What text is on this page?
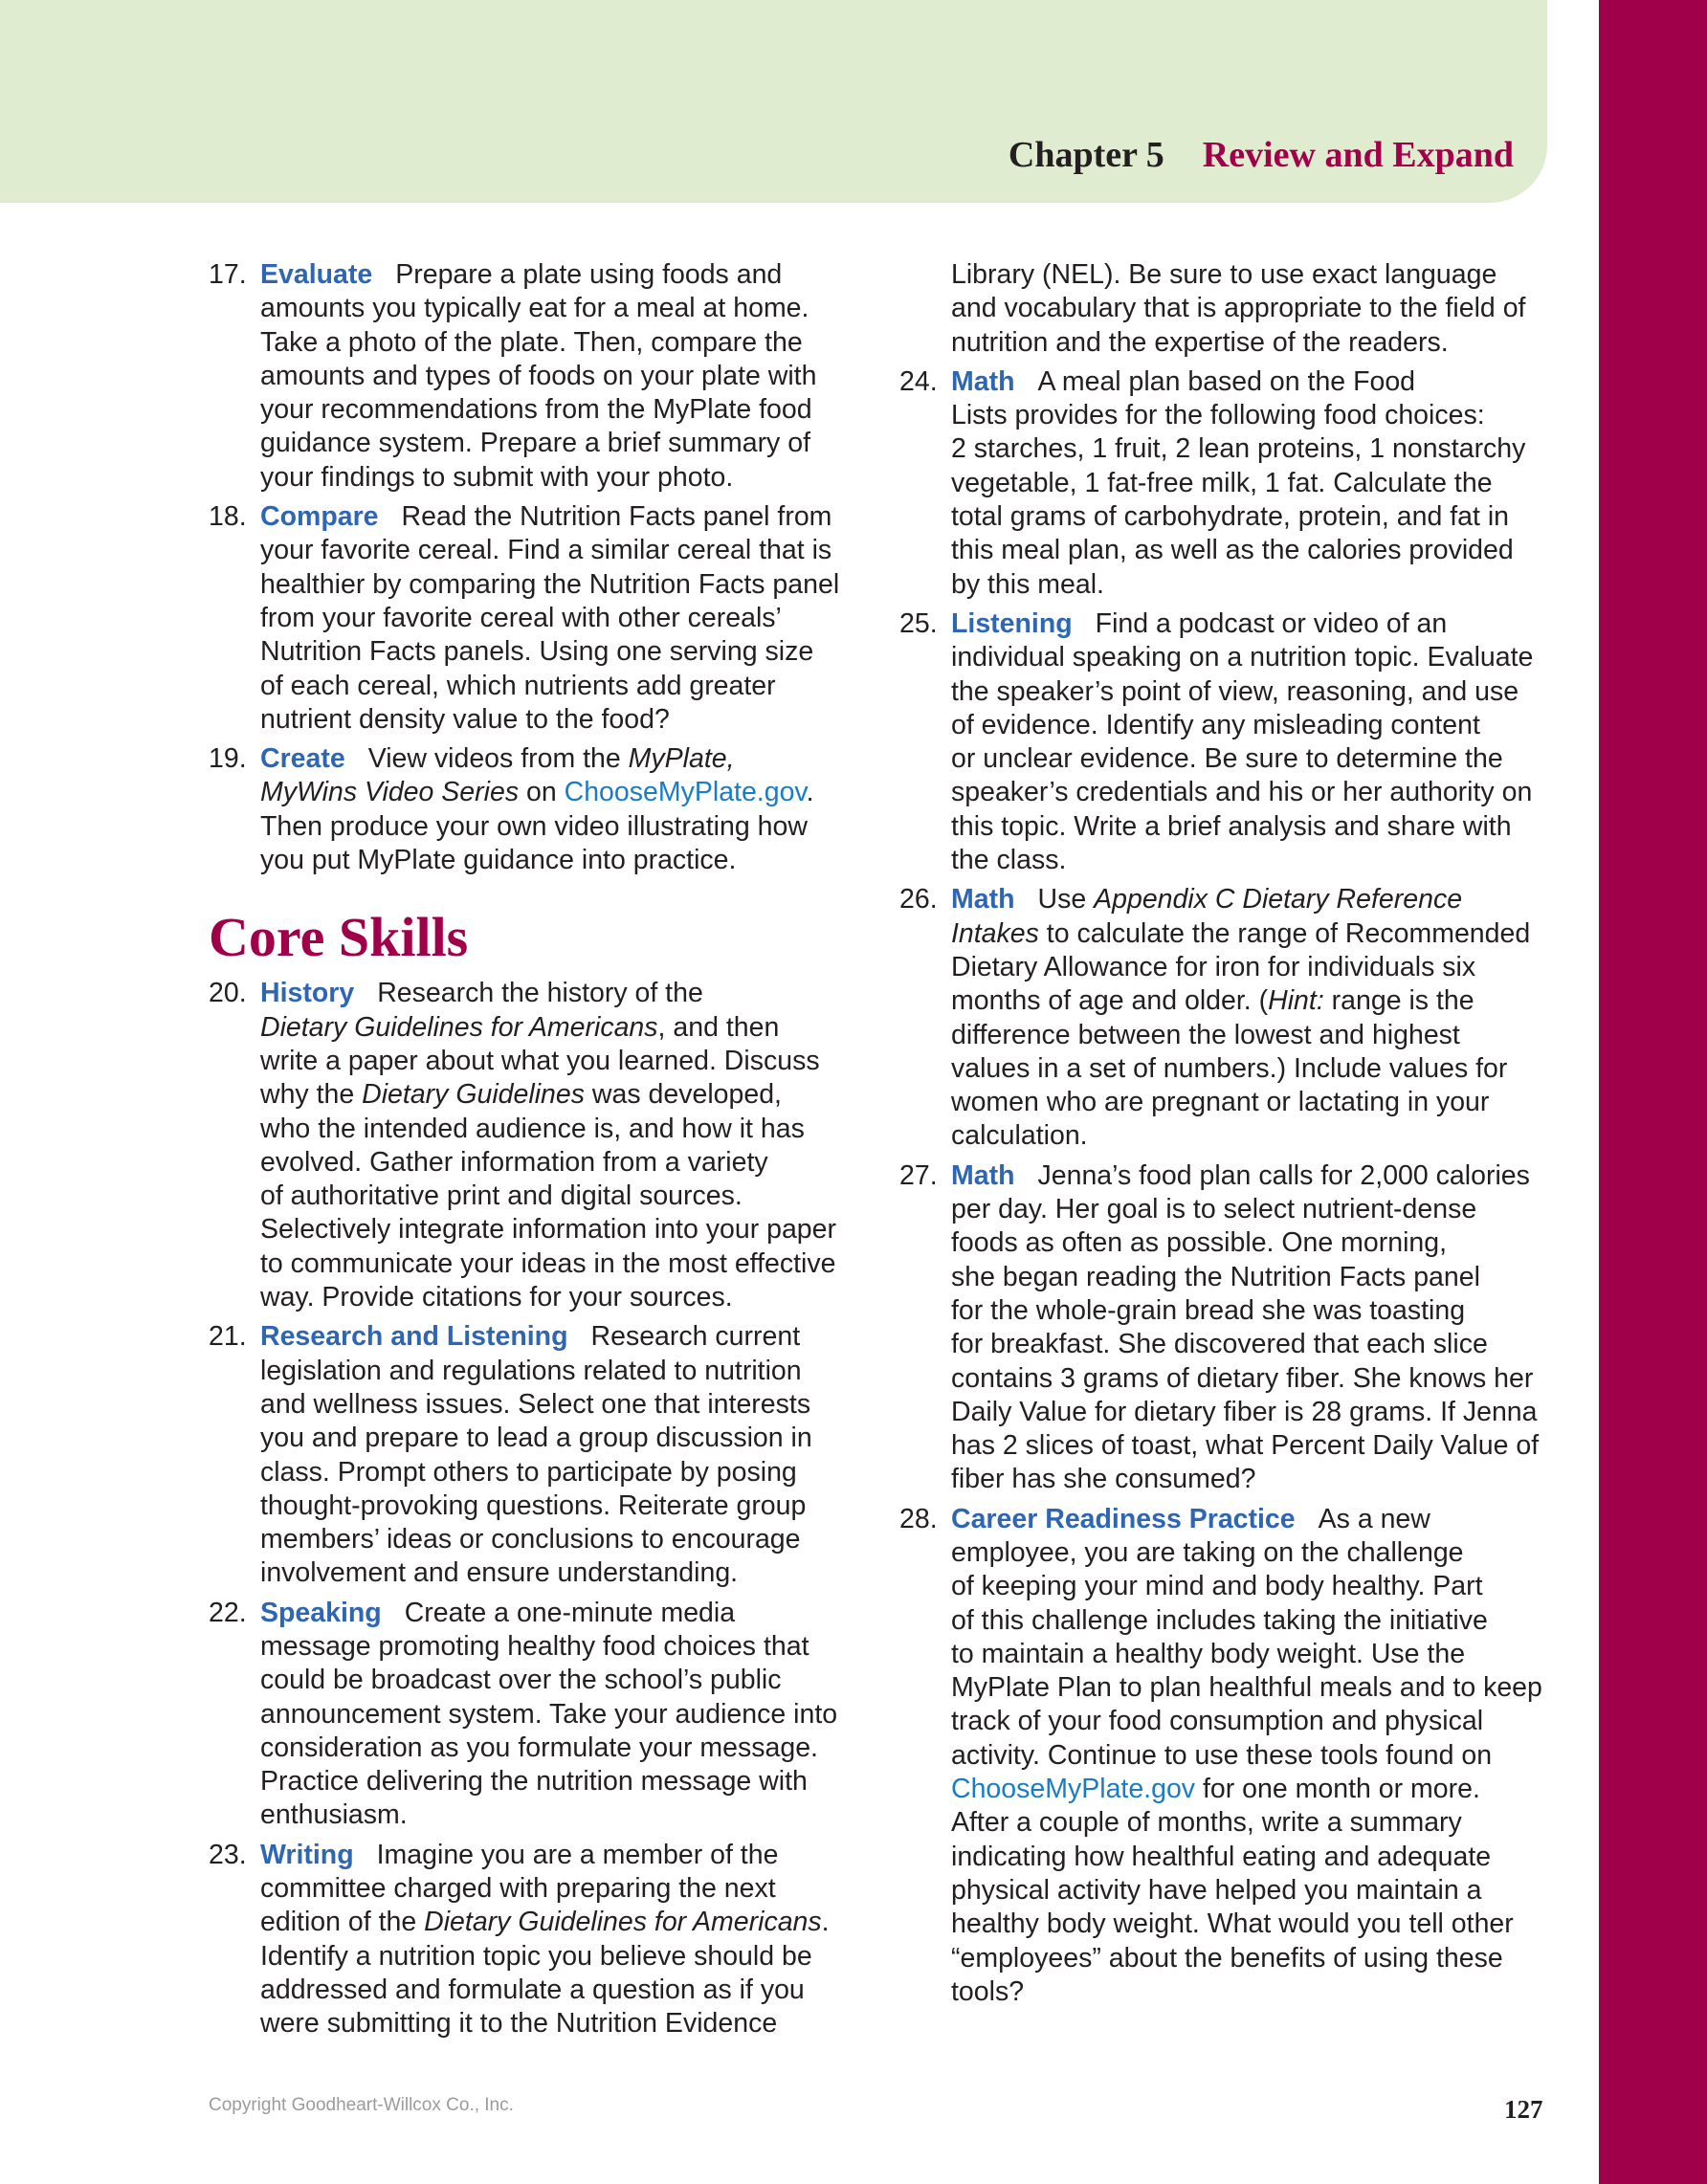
Chapter 5 Review and Expand
17. Evaluate Prepare a plate using foods and
amounts you typically eat for a meal at home.
Take a photo of the plate. Then, compare the
amounts and types of foods on your plate with
your recommendations from the MyPlate food
guidance system. Prepare a brief summary of
your findings to submit with your photo.
18. Compare Read the Nutrition Facts panel from
your favorite cereal. Find a similar cereal that is
healthier by comparing the Nutrition Facts panel
from your favorite cereal with other cereals’
Nutrition Facts panels. Using one serving size
of each cereal, which nutrients add greater
nutrient density value to the food?
19. Create View videos from the MyPlate,
MyWins Video Series on ChooseMyPlate.gov.
Then produce your own video illustrating how
you put MyPlate guidance into practice.
Core Skills
20. History Research the history of the
Dietary Guidelines for Americans, and then
write a paper about what you learned. Discuss
why the Dietary Guidelines was developed,
who the intended audience is, and how it has
evolved. Gather information from a variety
of authoritative print and digital sources.
Selectively integrate information into your paper
to communicate your ideas in the most effective
way. Provide citations for your sources.
21. Research and Listening Research current
legislation and regulations related to nutrition
and wellness issues. Select one that interests
you and prepare to lead a group discussion in
class. Prompt others to participate by posing
thought-provoking questions. Reiterate group
members’ ideas or conclusions to encourage
involvement and ensure understanding.
22. Speaking Create a one-minute media
message promoting healthy food choices that
could be broadcast over the school’s public
announcement system. Take your audience into
consideration as you formulate your message.
Practice delivering the nutrition message with
enthusiasm.
23. Writing Imagine you are a member of the
committee charged with preparing the next
edition of the Dietary Guidelines for Americans.
Identify a nutrition topic you believe should be
addressed and formulate a question as if you
were submitting it to the Nutrition Evidence
Library (NEL). Be sure to use exact language
and vocabulary that is appropriate to the field of
nutrition and the expertise of the readers.
24. Math A meal plan based on the Food
Lists provides for the following food choices:
2 starches, 1 fruit, 2 lean proteins, 1 nonstarchy
vegetable, 1 fat-free milk, 1 fat. Calculate the
total grams of carbohydrate, protein, and fat in
this meal plan, as well as the calories provided
by this meal.
25. Listening Find a podcast or video of an
individual speaking on a nutrition topic. Evaluate
the speaker’s point of view, reasoning, and use
of evidence. Identify any misleading content
or unclear evidence. Be sure to determine the
speaker’s credentials and his or her authority on
this topic. Write a brief analysis and share with
the class.
26. Math Use Appendix C Dietary Reference
Intakes to calculate the range of Recommended
Dietary Allowance for iron for individuals six
months of age and older. (Hint: range is the
difference between the lowest and highest
values in a set of numbers.) Include values for
women who are pregnant or lactating in your
calculation.
27. Math Jenna’s food plan calls for 2,000 calories
per day. Her goal is to select nutrient-dense
foods as often as possible. One morning,
she began reading the Nutrition Facts panel
for the whole-grain bread she was toasting
for breakfast. She discovered that each slice
contains 3 grams of dietary fiber. She knows her
Daily Value for dietary fiber is 28 grams. If Jenna
has 2 slices of toast, what Percent Daily Value of
fiber has she consumed?
28. Career Readiness Practice As a new
employee, you are taking on the challenge
of keeping your mind and body healthy. Part
of this challenge includes taking the initiative
to maintain a healthy body weight. Use the
MyPlate Plan to plan healthful meals and to keep
track of your food consumption and physical
activity. Continue to use these tools found on
ChooseMyPlate.gov for one month or more.
After a couple of months, write a summary
indicating how healthful eating and adequate
physical activity have helped you maintain a
healthy body weight. What would you tell other
“employees” about the benefits of using these
tools?
Copyright Goodheart-Willcox Co., Inc.	127
